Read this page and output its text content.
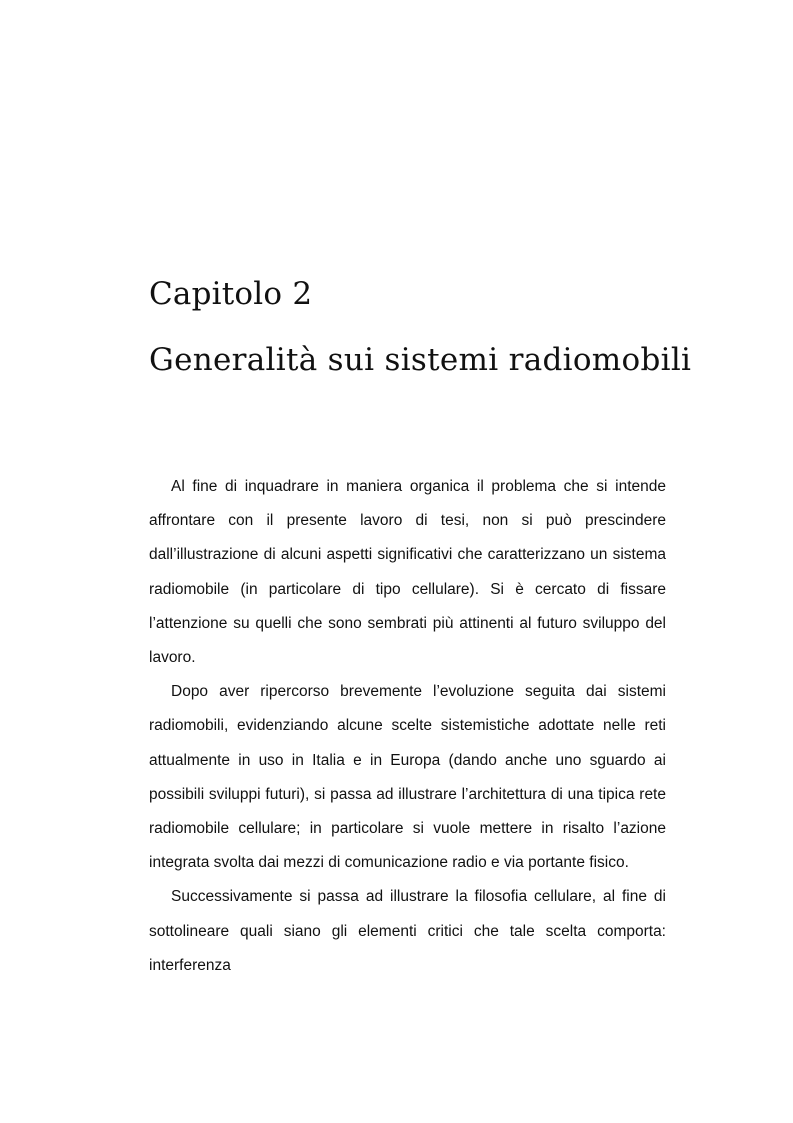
Capitolo 2
Generalità sui sistemi radiomobili

Al fine di inquadrare in maniera organica il problema che si intende affrontare con il presente lavoro di tesi, non si può prescindere dall’illustrazione di alcuni aspetti significativi che caratterizzano un sistema radiomobile (in particolare di tipo cellulare). Si è cercato di fissare l’attenzione su quelli che sono sembrati più attinenti al futuro sviluppo del lavoro.

Dopo aver ripercorso brevemente l’evoluzione seguita dai sistemi radiomobili, evidenziando alcune scelte sistemistiche adottate nelle reti attualmente in uso in Italia e in Europa (dando anche uno sguardo ai possibili sviluppi futuri), si passa ad illustrare l’architettura di una tipica rete radiomobile cellulare; in particolare si vuole mettere in risalto l’azione integrata svolta dai mezzi di comunicazione radio e via portante fisico.

Successivamente si passa ad illustrare la filosofia cellulare, al fine di sottolineare quali siano gli elementi critici che tale scelta comporta: interferenza
